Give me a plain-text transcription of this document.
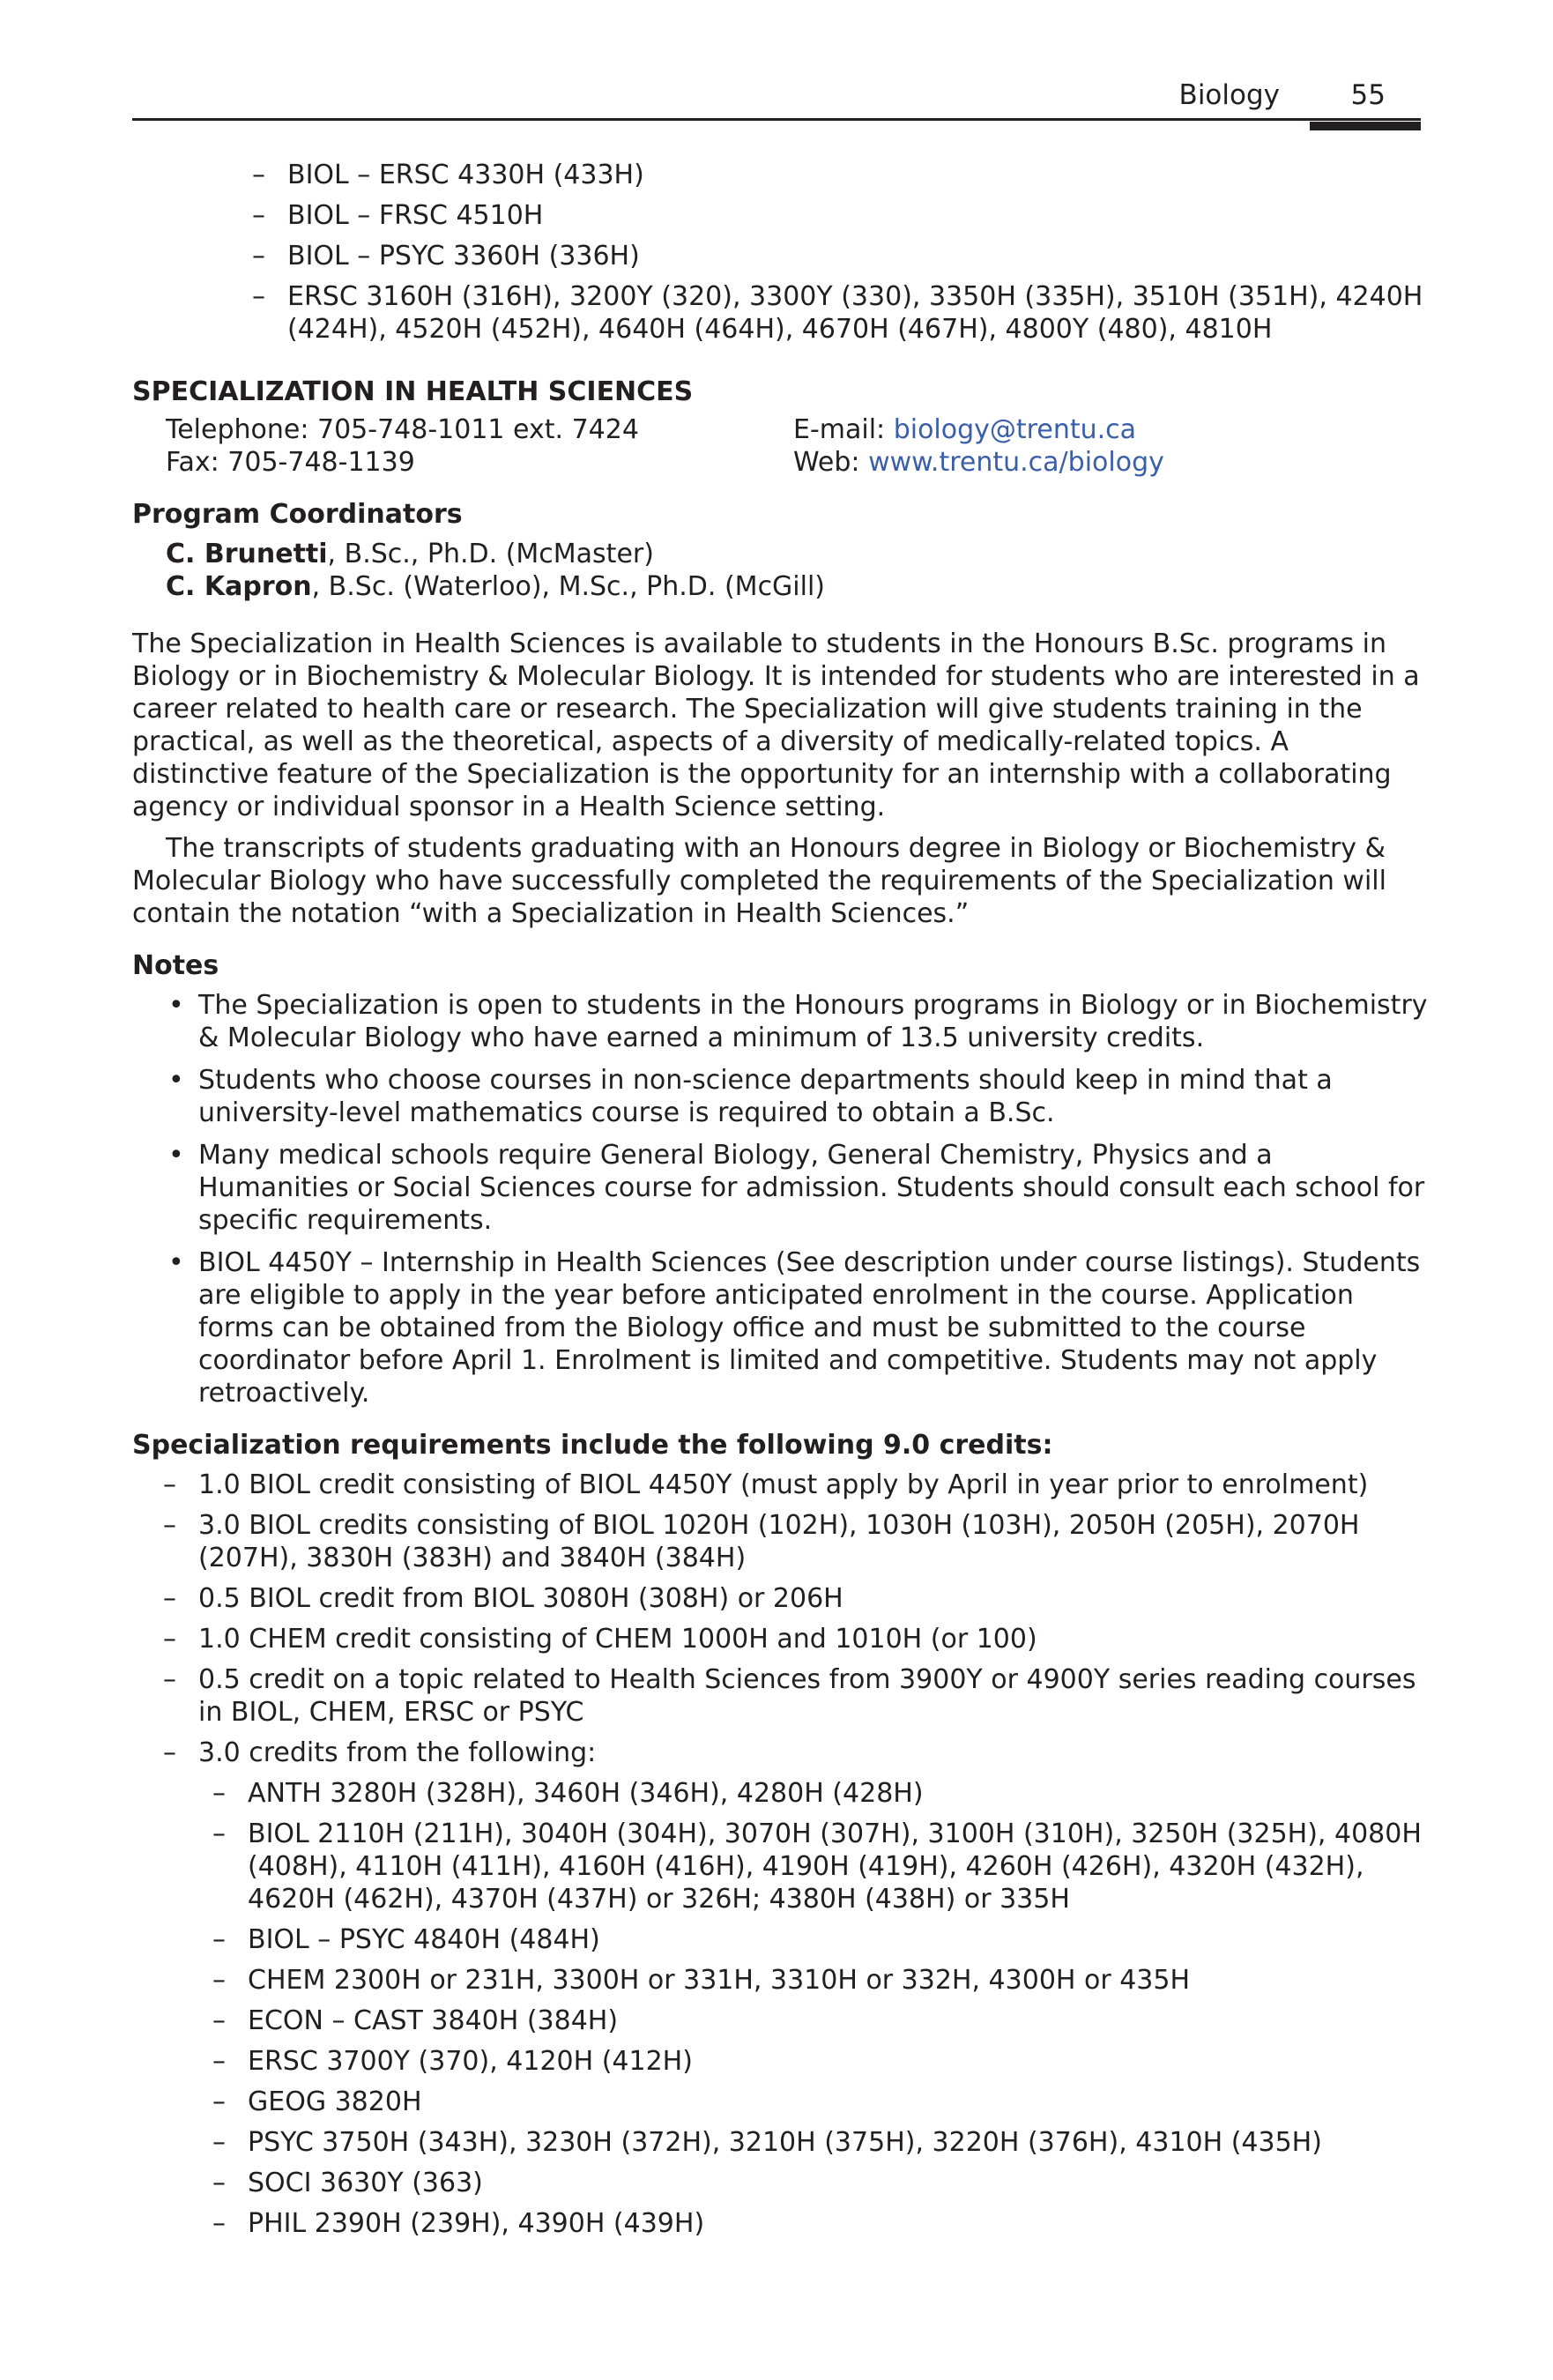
Biology	55
– BIOL – ERSC 4330H (433H)
– BIOL – FRSC 4510H
– BIOL – PSYC 3360H (336H)
– ERSC 3160H (316H), 3200Y (320), 3300Y (330), 3350H (335H), 3510H (351H), 4240H (424H), 4520H (452H), 4640H (464H), 4670H (467H), 4800Y (480), 4810H
SPECIALIZATION IN HEALTH SCIENCES
Telephone: 705-748-1011 ext. 7424	E-mail: biology@trentu.ca
Fax: 705-748-1139	Web: www.trentu.ca/biology
Program Coordinators
C. Brunetti, B.Sc., Ph.D. (McMaster)
C. Kapron, B.Sc. (Waterloo), M.Sc., Ph.D. (McGill)

The Specialization in Health Sciences is available to students in the Honours B.Sc. programs in Biology or in Biochemistry & Molecular Biology. It is intended for students who are interested in a career related to health care or research. The Specialization will give students training in the practical, as well as the theoretical, aspects of a diversity of medically-related topics. A distinctive feature of the Specialization is the opportunity for an internship with a collaborating agency or individual sponsor in a Health Science setting.

The transcripts of students graduating with an Honours degree in Biology or Biochemistry & Molecular Biology who have successfully completed the requirements of the Specialization will contain the notation “with a Specialization in Health Sciences.”

Notes
• The Specialization is open to students in the Honours programs in Biology or in Biochemistry & Molecular Biology who have earned a minimum of 13.5 university credits.
• Students who choose courses in non-science departments should keep in mind that a university-level mathematics course is required to obtain a B.Sc.
• Many medical schools require General Biology, General Chemistry, Physics and a Humanities or Social Sciences course for admission. Students should consult each school for specific requirements.
• BIOL 4450Y – Internship in Health Sciences (See description under course listings). Students are eligible to apply in the year before anticipated enrolment in the course. Application forms can be obtained from the Biology office and must be submitted to the course coordinator before April 1. Enrolment is limited and competitive. Students may not apply retroactively.
Specialization requirements include the following 9.0 credits:
– 1.0 BIOL credit consisting of BIOL 4450Y (must apply by April in year prior to enrolment)
– 3.0 BIOL credits consisting of BIOL 1020H (102H), 1030H (103H), 2050H (205H), 2070H (207H), 3830H (383H) and 3840H (384H)
– 0.5 BIOL credit from BIOL 3080H (308H) or 206H
– 1.0 CHEM credit consisting of CHEM 1000H and 1010H (or 100)
– 0.5 credit on a topic related to Health Sciences from 3900Y or 4900Y series reading courses in BIOL, CHEM, ERSC or PSYC
– 3.0 credits from the following:
– ANTH 3280H (328H), 3460H (346H), 4280H (428H)
– BIOL 2110H (211H), 3040H (304H), 3070H (307H), 3100H (310H), 3250H (325H), 4080H (408H), 4110H (411H), 4160H (416H), 4190H (419H), 4260H (426H), 4320H (432H), 4620H (462H), 4370H (437H) or 326H; 4380H (438H) or 335H
– BIOL – PSYC 4840H (484H)
– CHEM 2300H or 231H, 3300H or 331H, 3310H or 332H, 4300H or 435H
– ECON – CAST 3840H (384H)
– ERSC 3700Y (370), 4120H (412H)
– GEOG 3820H
– PSYC 3750H (343H), 3230H (372H), 3210H (375H), 3220H (376H), 4310H (435H)
– SOCI 3630Y (363)
– PHIL 2390H (239H), 4390H (439H)
